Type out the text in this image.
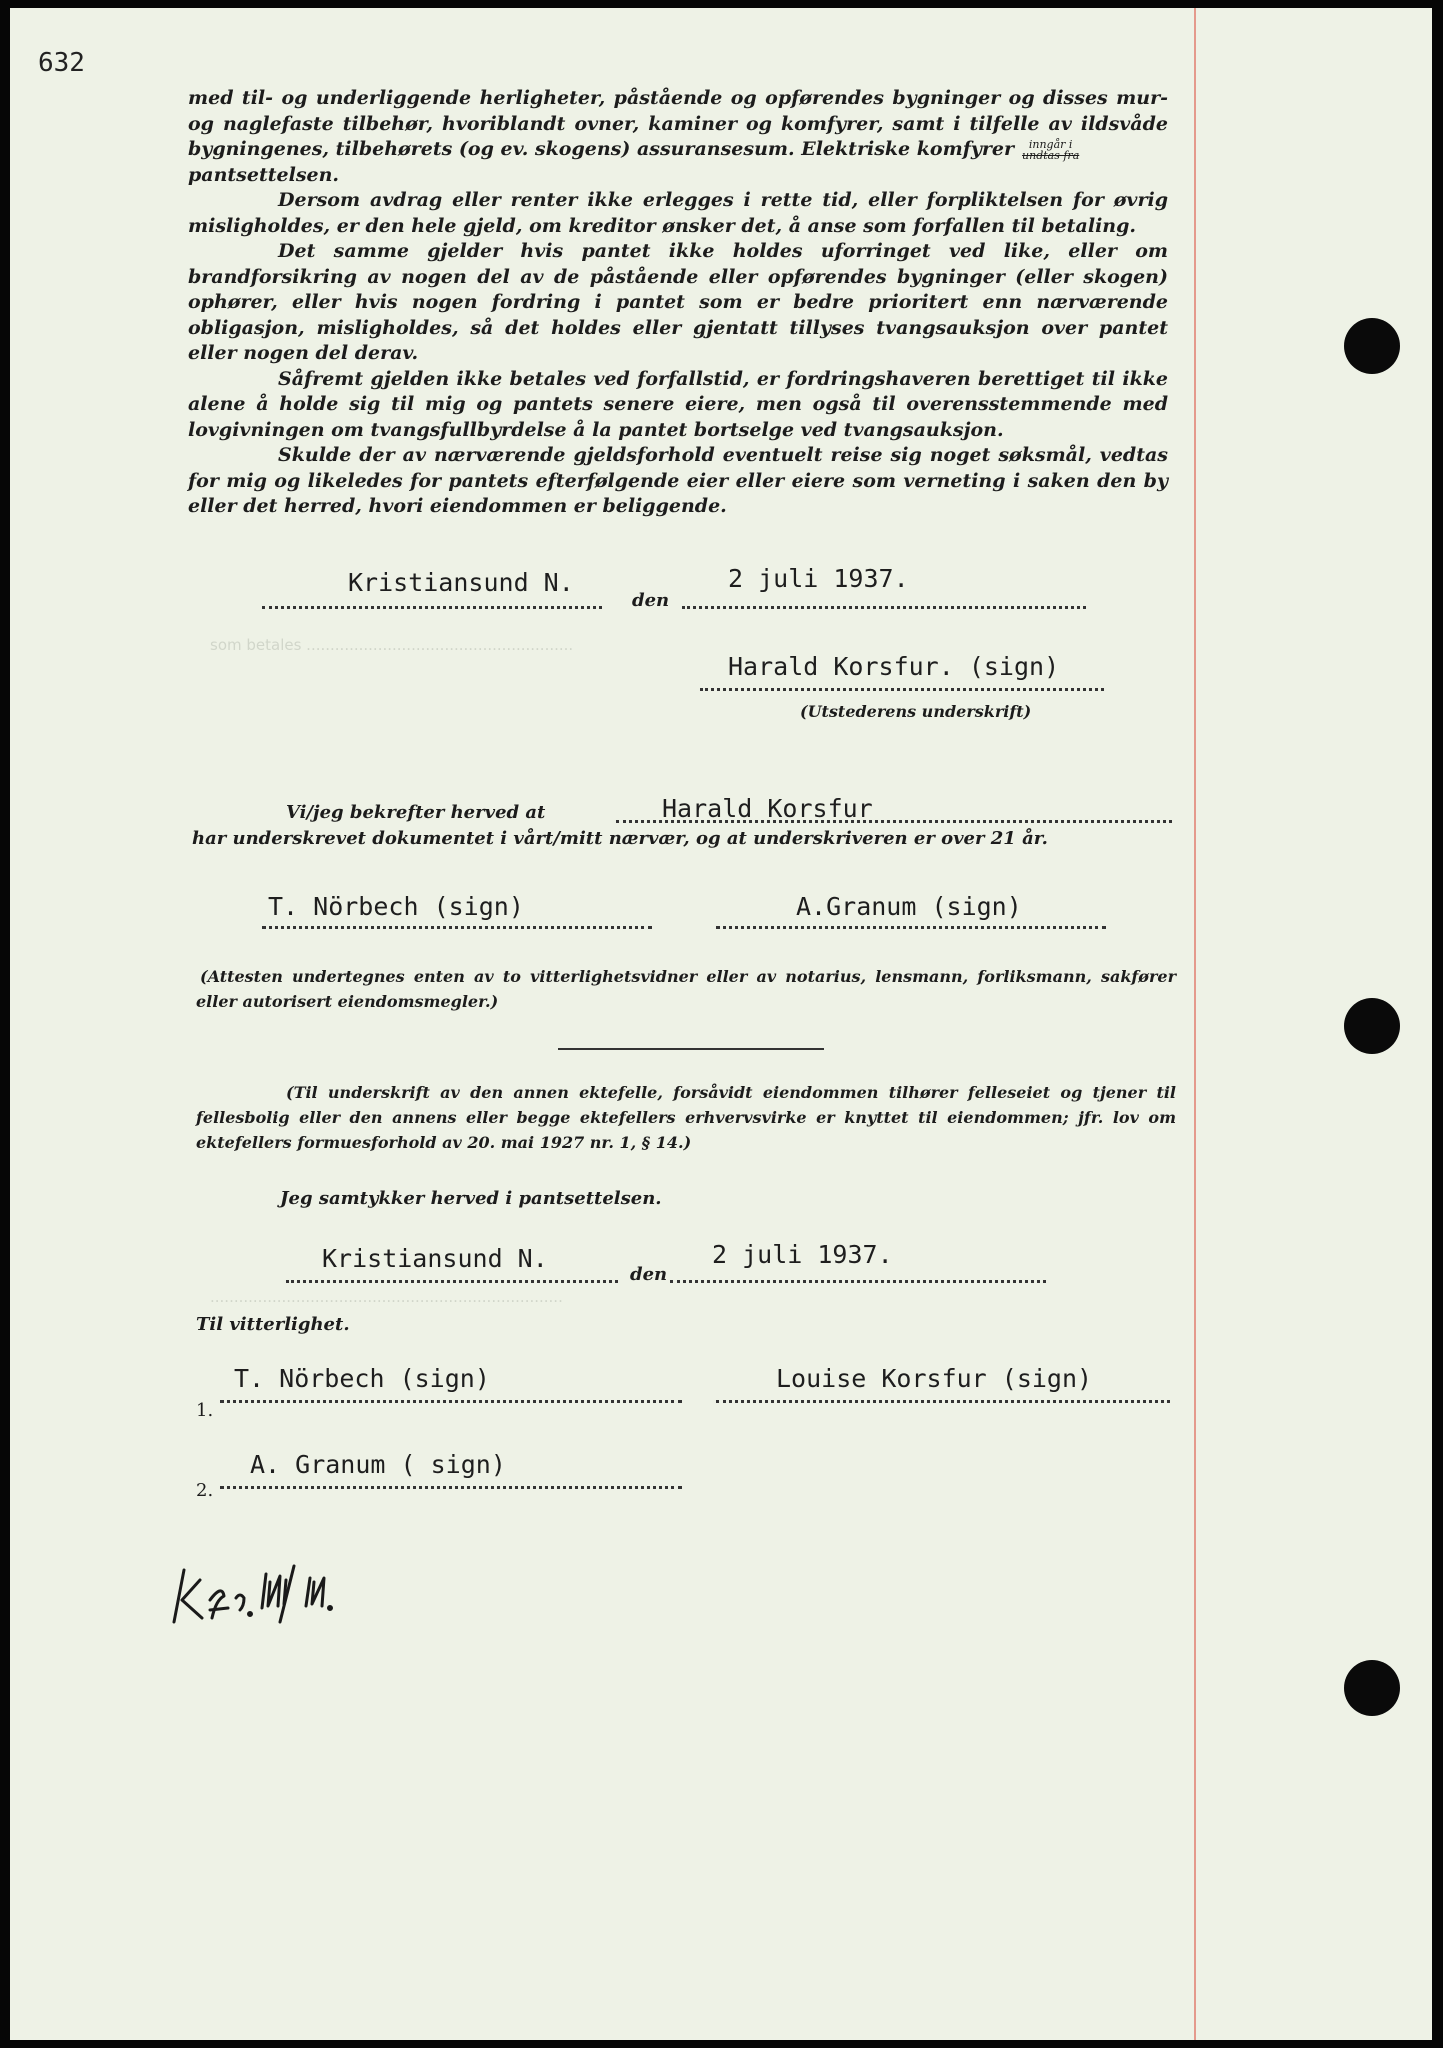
632
som betales ........................................................
..........................................................................

med til- og underliggende herligheter, påstående og opførendes bygninger og disses mur- og naglefaste tilbehør, hvoriblandt ovner, kaminer og komfyrer, samt i tilfelle av ildsvåde bygningenes, tilbehørets (og ev. skogens) assuransesum. Elektriske komfyrer inngår i
undtas fra
pantsettelsen.

Dersom avdrag eller renter ikke erlegges i rette tid, eller forpliktelsen for øvrig misligholdes, er den hele gjeld, om kreditor ønsker det, å anse som forfallen til betaling.

Det samme gjelder hvis pantet ikke holdes uforringet ved like, eller om brandforsikring av nogen del av de påstående eller opførendes bygninger (eller skogen) ophører, eller hvis nogen fordring i pantet som er bedre prioritert enn nærværende obligasjon, misligholdes, så det holdes eller gjentatt tillyses tvangsauksjon over pantet eller nogen del derav.

Såfremt gjelden ikke betales ved forfallstid, er fordringshaveren berettiget til ikke alene å holde sig til mig og pantets senere eiere, men også til overensstemmende med lovgivningen om tvangsfullbyrdelse å la pantet bortselge ved tvangsauksjon.

Skulde der av nærværende gjeldsforhold eventuelt reise sig noget søksmål, vedtas for mig og likeledes for pantets efterfølgende eier eller eiere som verneting i saken den by eller det herred, hvori eiendommen er beliggende.

Kristiansund N.
den
2 juli 1937.
Harald Korsfur. (sign)
(Utstederens underskrift)
Vi/jeg bekrefter herved at	Harald Korsfur
har underskrevet dokumentet i vårt/mitt nærvær, og at underskriveren er over 21 år.
T. Nörbech (sign)	A.Granum (sign)
(Attesten undertegnes enten av to vitterlighetsvidner eller av notarius, lensmann, forliksmann, sakfører eller autorisert eiendomsmegler.)
(Til underskrift av den annen ektefelle, forsåvidt eiendommen tilhører felleseiet og tjener til fellesbolig eller den annens eller begge ektefellers erhvervsvirke er knyttet til eiendommen; jfr. lov om ektefellers formuesforhold av 20. mai 1927 nr. 1, § 14.)
Jeg samtykker herved i pantsettelsen.
Kristiansund N.
den
2 juli 1937.
Til vitterlighet.
1.
T. Nörbech (sign)	Louise Korsfur (sign)
2.
A. Granum ( sign)
